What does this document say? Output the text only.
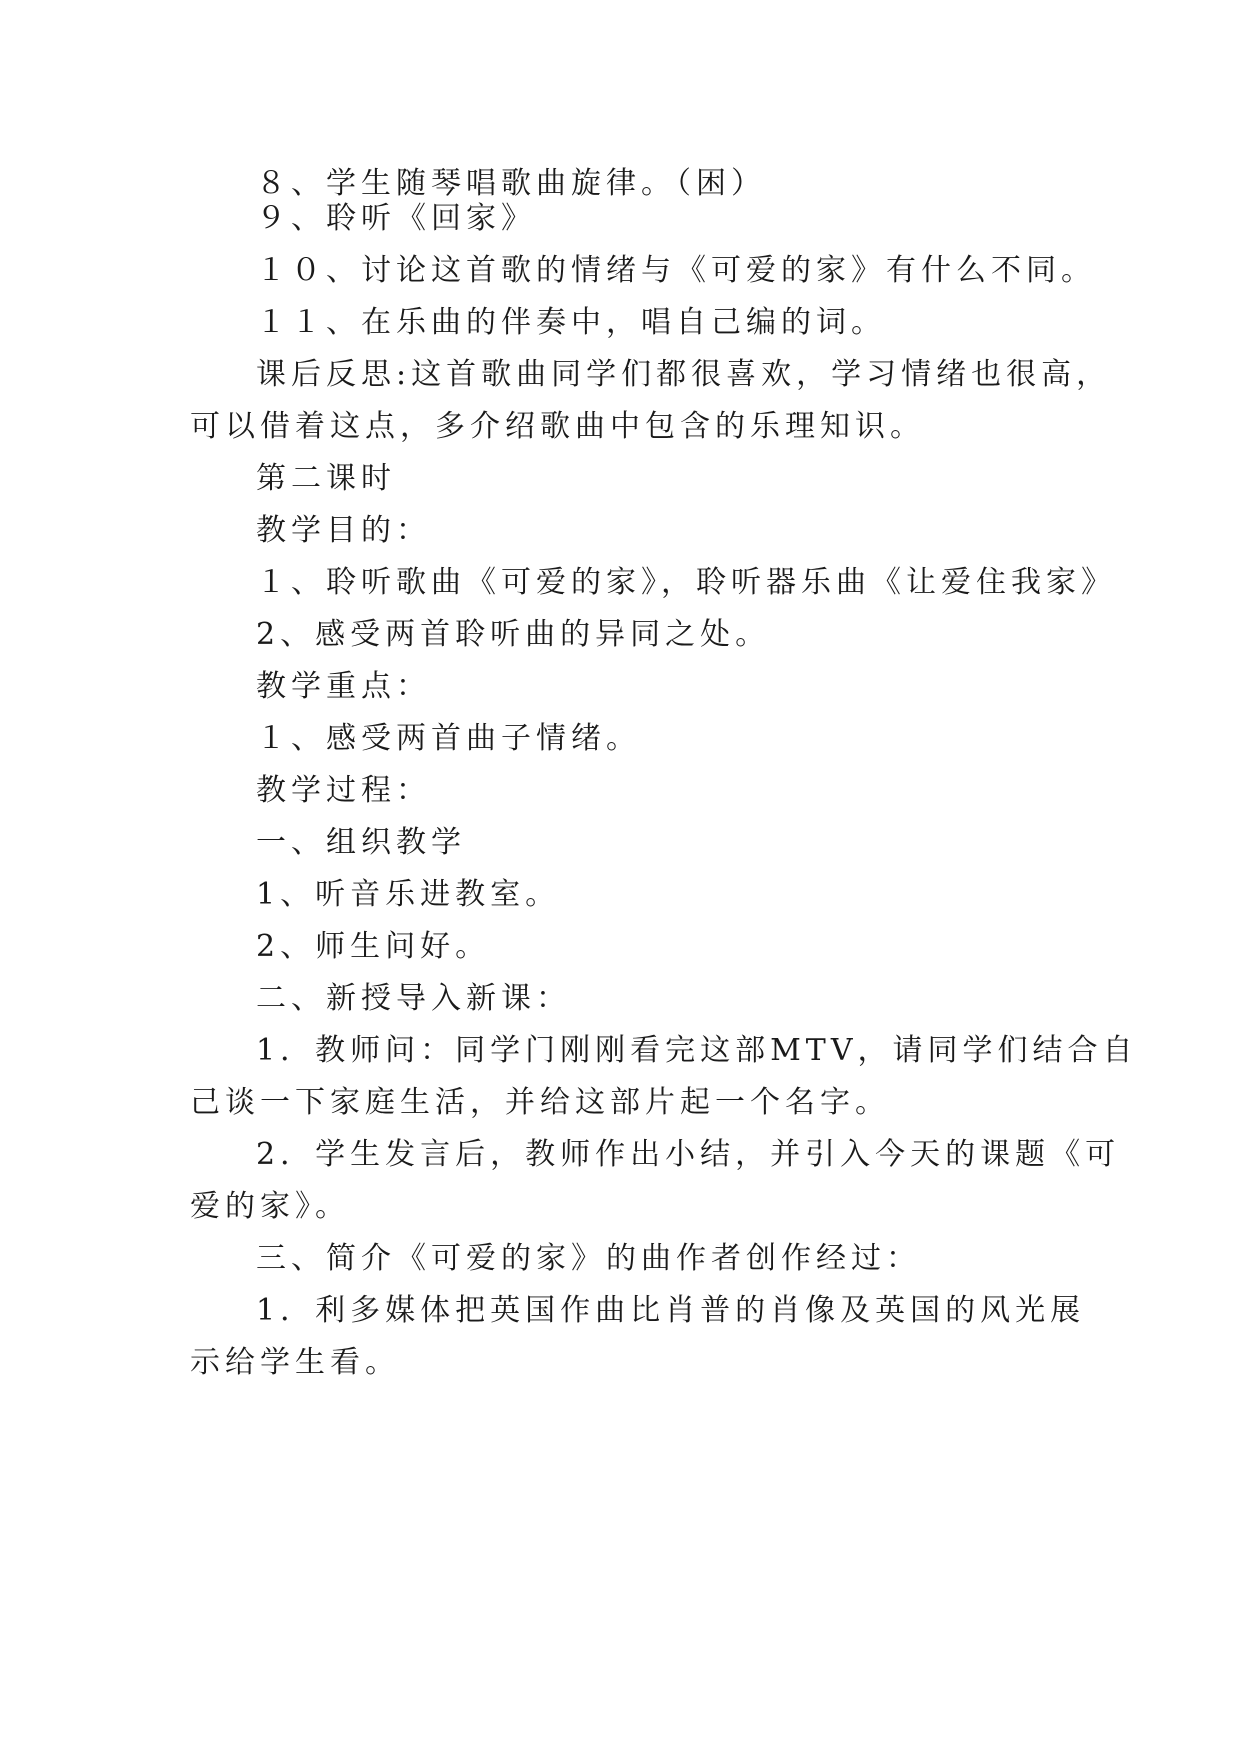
８、学生随琴唱歌曲旋律。（困）
９、聆听《回家》
１０、讨论这首歌的情绪与《可爱的家》有什么不同。
１１、在乐曲的伴奏中，唱自己编的词。
课后反思:这首歌曲同学们都很喜欢，学习情绪也很高，
可以借着这点，多介绍歌曲中包含的乐理知识。
第二课时
教学目的：
１、聆听歌曲《可爱的家》，聆听器乐曲《让爱住我家》
2、感受两首聆听曲的异同之处。
教学重点：
１、感受两首曲子情绪。
教学过程：
一、组织教学
1、听音乐进教室。
2、师生问好。
二、新授导入新课：
1．教师问：同学门刚刚看完这部MTV，请同学们结合自
己谈一下家庭生活，并给这部片起一个名字。
2．学生发言后，教师作出小结，并引入今天的课题《可
爱的家》。
三、简介《可爱的家》的曲作者创作经过：
1．利多媒体把英国作曲比肖普的肖像及英国的风光展
示给学生看。
